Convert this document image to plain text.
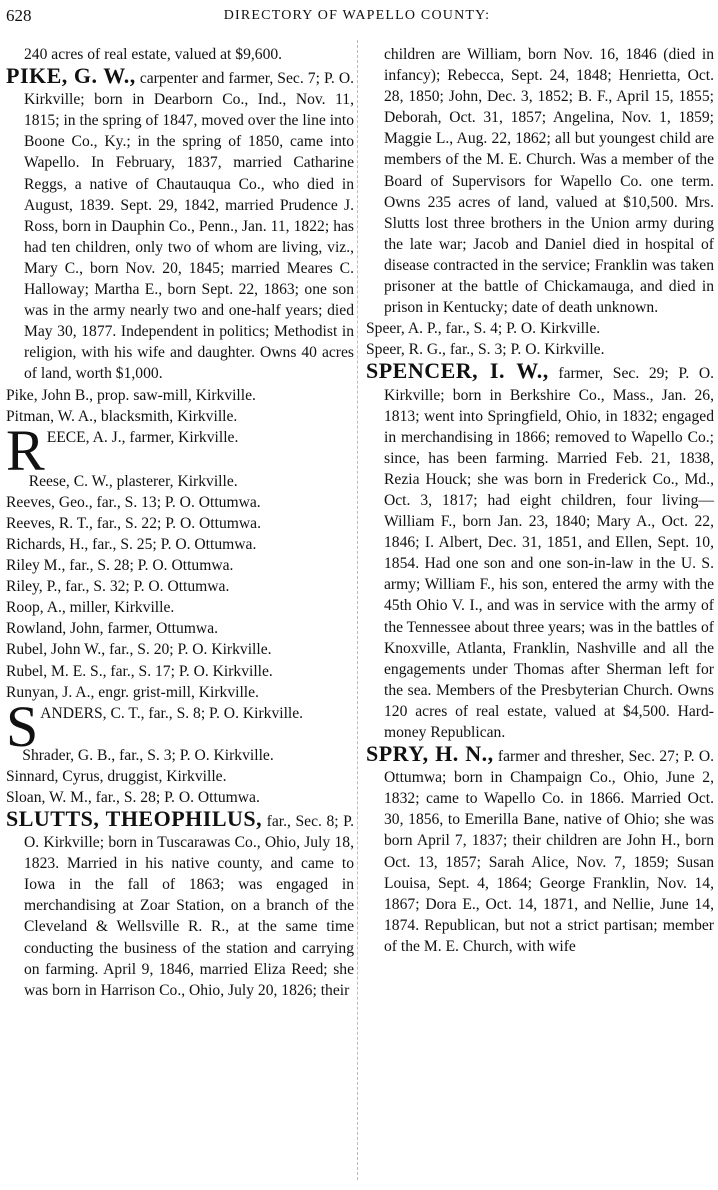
628	DIRECTORY OF WAPELLO COUNTY:

240 acres of real estate, valued at $9,600.

PIKE, G. W., carpenter and farmer, Sec. 7; P. O. Kirkville; born in Dearborn Co., Ind., Nov. 11, 1815; in the spring of 1847, moved over the line into Boone Co., Ky.; in the spring of 1850, came into Wapello. In February, 1837, married Catharine Reggs, a native of Chautauqua Co., who died in August, 1839. Sept. 29, 1842, married Prudence J. Ross, born in Dauphin Co., Penn., Jan. 11, 1822; has had ten children, only two of whom are living, viz., Mary C., born Nov. 20, 1845; married Meares C. Halloway; Martha E., born Sept. 22, 1863; one son was in the army nearly two and one-half years; died May 30, 1877. Independent in politics; Methodist in religion, with his wife and daughter. Owns 40 acres of land, worth $1,000.

Pike, John B., prop. saw-mill, Kirkville.

Pitman, W. A., blacksmith, Kirkville.

REECE, A. J., farmer, Kirkville.

Reese, C. W., plasterer, Kirkville.

Reeves, Geo., far., S. 13; P. O. Ottumwa.

Reeves, R. T., far., S. 22; P. O. Ottumwa.

Richards, H., far., S. 25; P. O. Ottumwa.

Riley M., far., S. 28; P. O. Ottumwa.

Riley, P., far., S. 32; P. O. Ottumwa.

Roop, A., miller, Kirkville.

Rowland, John, farmer, Ottumwa.

Rubel, John W., far., S. 20; P. O. Kirkville.

Rubel, M. E. S., far., S. 17; P. O. Kirkville.

Runyan, J. A., engr. grist-mill, Kirkville.

SANDERS, C. T., far., S. 8; P. O. Kirkville.

Shrader, G. B., far., S. 3; P. O. Kirkville.

Sinnard, Cyrus, druggist, Kirkville.

Sloan, W. M., far., S. 28; P. O. Ottumwa.

SLUTTS, THEOPHILUS, far., Sec. 8; P. O. Kirkville; born in Tuscarawas Co., Ohio, July 18, 1823. Married in his native county, and came to Iowa in the fall of 1863; was engaged in merchandising at Zoar Station, on a branch of the Cleveland & Wellsville R. R., at the same time conducting the business of the station and carrying on farming. April 9, 1846, married Eliza Reed; she was born in Harrison Co., Ohio, July 20, 1826; their

children are William, born Nov. 16, 1846 (died in infancy); Rebecca, Sept. 24, 1848; Henrietta, Oct. 28, 1850; John, Dec. 3, 1852; B. F., April 15, 1855; Deborah, Oct. 31, 1857; Angelina, Nov. 1, 1859; Maggie L., Aug. 22, 1862; all but youngest child are members of the M. E. Church. Was a member of the Board of Supervisors for Wapello Co. one term. Owns 235 acres of land, valued at $10,500. Mrs. Slutts lost three brothers in the Union army during the late war; Jacob and Daniel died in hospital of disease contracted in the service; Franklin was taken prisoner at the battle of Chickamauga, and died in prison in Kentucky; date of death unknown.

Speer, A. P., far., S. 4; P. O. Kirkville.

Speer, R. G., far., S. 3; P. O. Kirkville.

SPENCER, I. W., farmer, Sec. 29; P. O. Kirkville; born in Berkshire Co., Mass., Jan. 26, 1813; went into Springfield, Ohio, in 1832; engaged in merchandising in 1866; removed to Wapello Co.; since, has been farming. Married Feb. 21, 1838, Rezia Houck; she was born in Frederick Co., Md., Oct. 3, 1817; had eight children, four living—William F., born Jan. 23, 1840; Mary A., Oct. 22, 1846; I. Albert, Dec. 31, 1851, and Ellen, Sept. 10, 1854. Had one son and one son-in-law in the U. S. army; William F., his son, entered the army with the 45th Ohio V. I., and was in service with the army of the Tennessee about three years; was in the battles of Knoxville, Atlanta, Franklin, Nashville and all the engagements under Thomas after Sherman left for the sea. Members of the Presbyterian Church. Owns 120 acres of real estate, valued at $4,500. Hard-money Republican.

SPRY, H. N., farmer and thresher, Sec. 27; P. O. Ottumwa; born in Champaign Co., Ohio, June 2, 1832; came to Wapello Co. in 1866. Married Oct. 30, 1856, to Emerilla Bane, native of Ohio; she was born April 7, 1837; their children are John H., born Oct. 13, 1857; Sarah Alice, Nov. 7, 1859; Susan Louisa, Sept. 4, 1864; George Franklin, Nov. 14, 1867; Dora E., Oct. 14, 1871, and Nellie, June 14, 1874. Republican, but not a strict partisan; member of the M. E. Church, with wife
